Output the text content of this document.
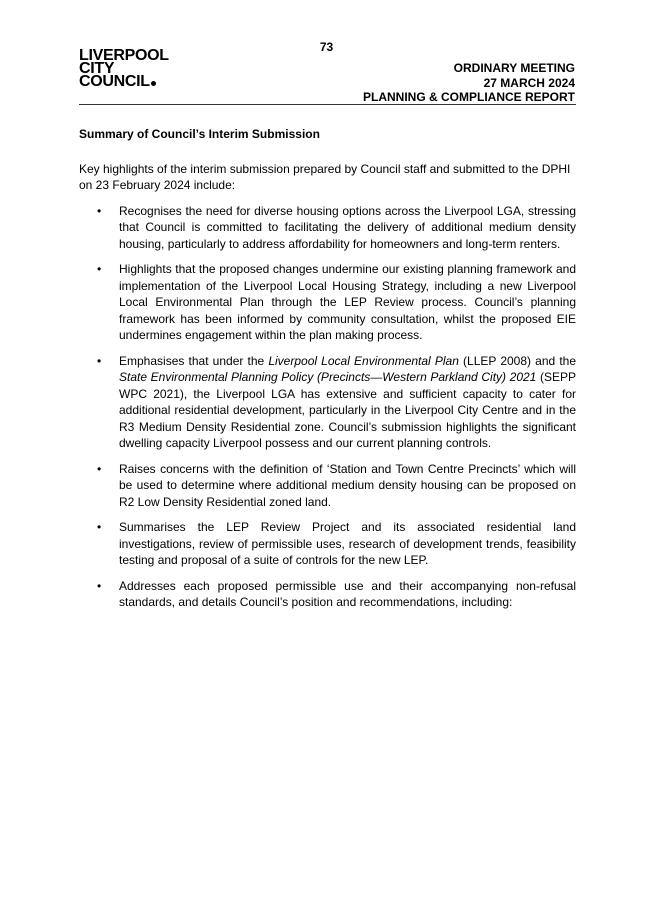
73
LIVERPOOL
CITY
COUNCIL
ORDINARY MEETING
27 MARCH 2024
PLANNING & COMPLIANCE REPORT

Summary of Council’s Interim Submission

Key highlights of the interim submission prepared by Council staff and submitted to the DPHI on 23 February 2024 include:

• Recognises the need for diverse housing options across the Liverpool LGA, stressing that Council is committed to facilitating the delivery of additional medium density housing, particularly to address affordability for homeowners and long-term renters.
• Highlights that the proposed changes undermine our existing planning framework and implementation of the Liverpool Local Housing Strategy, including a new Liverpool Local Environmental Plan through the LEP Review process. Council’s planning framework has been informed by community consultation, whilst the proposed EIE undermines engagement within the plan making process.
• Emphasises that under the Liverpool Local Environmental Plan (LLEP 2008) and the State Environmental Planning Policy (Precincts—Western Parkland City) 2021 (SEPP WPC 2021), the Liverpool LGA has extensive and sufficient capacity to cater for additional residential development, particularly in the Liverpool City Centre and in the R3 Medium Density Residential zone. Council’s submission highlights the significant dwelling capacity Liverpool possess and our current planning controls.
• Raises concerns with the definition of ‘Station and Town Centre Precincts’ which will be used to determine where additional medium density housing can be proposed on R2 Low Density Residential zoned land.
• Summarises the LEP Review Project and its associated residential land investigations, review of permissible uses, research of development trends, feasibility testing and proposal of a suite of controls for the new LEP.
• Addresses each proposed permissible use and their accompanying non-refusal standards, and details Council’s position and recommendations, including:
